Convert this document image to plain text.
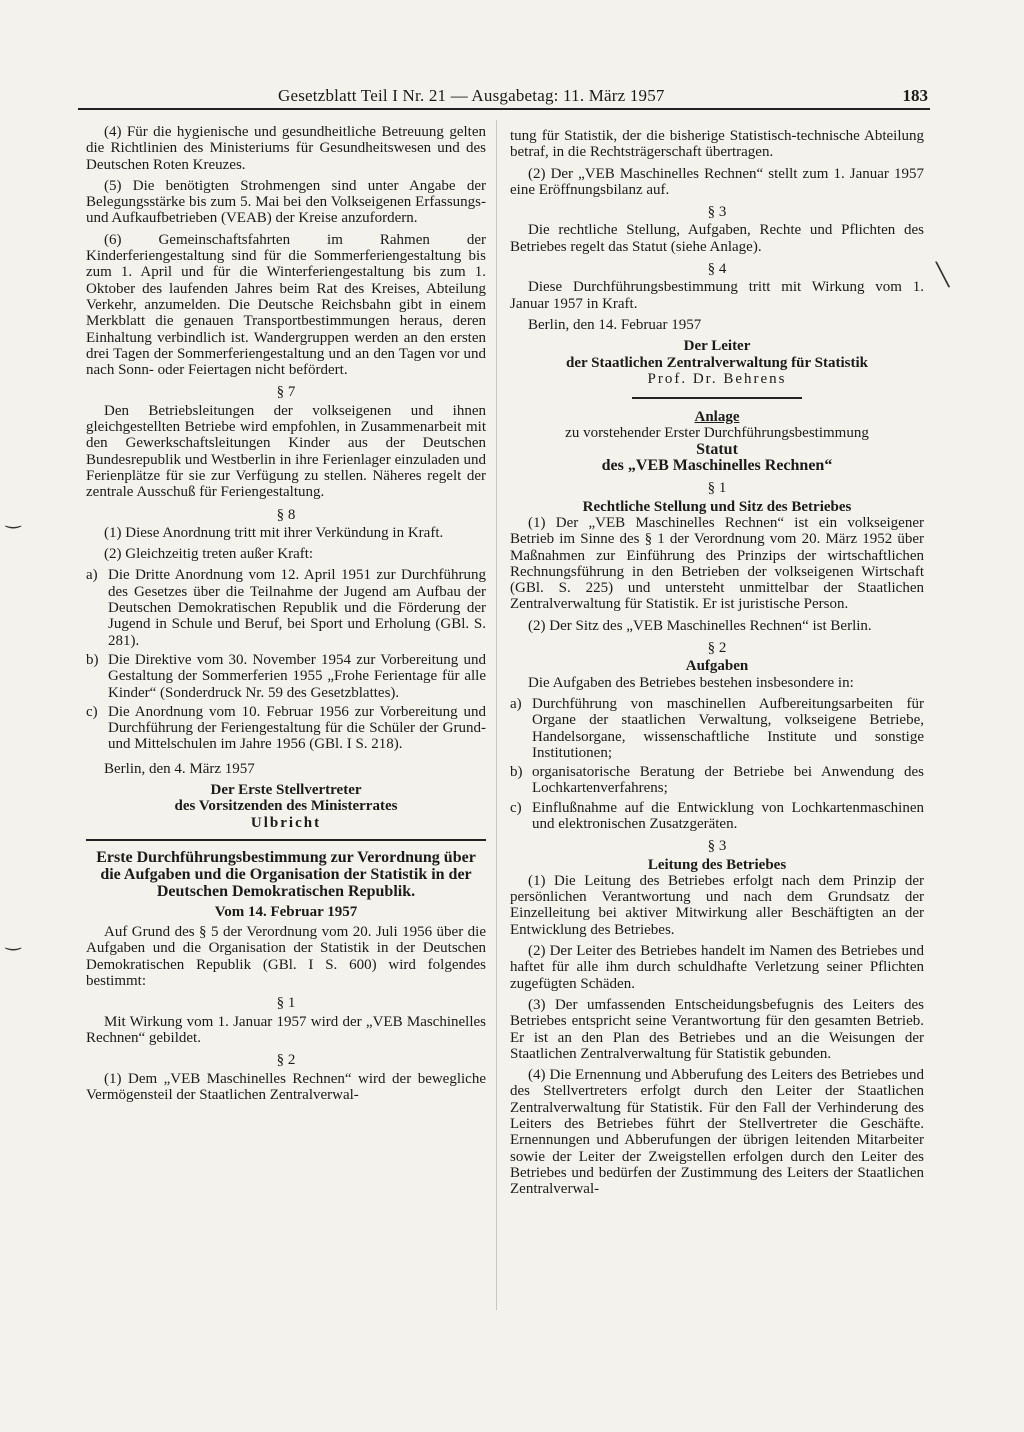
Gesetzblatt Teil I Nr. 21 — Ausgabetag: 11. März 1957	183

(4) Für die hygienische und gesundheitliche Betreuung gelten die Richtlinien des Ministeriums für Gesundheitswesen und des Deutschen Roten Kreuzes.

(5) Die benötigten Strohmengen sind unter Angabe der Belegungsstärke bis zum 5. Mai bei den Volkseigenen Erfassungs- und Aufkaufbetrieben (VEAB) der Kreise anzufordern.

(6) Gemeinschaftsfahrten im Rahmen der Kinderferiengestaltung sind für die Sommerferiengestaltung bis zum 1. April und für die Winterferiengestaltung bis zum 1. Oktober des laufenden Jahres beim Rat des Kreises, Abteilung Verkehr, anzumelden. Die Deutsche Reichsbahn gibt in einem Merkblatt die genauen Transportbestimmungen heraus, deren Einhaltung verbindlich ist. Wandergruppen werden an den ersten drei Tagen der Sommerferiengestaltung und an den Tagen vor und nach Sonn- oder Feiertagen nicht befördert.

§ 7

Den Betriebsleitungen der volkseigenen und ihnen gleichgestellten Betriebe wird empfohlen, in Zusammenarbeit mit den Gewerkschaftsleitungen Kinder aus der Deutschen Bundesrepublik und Westberlin in ihre Ferienlager einzuladen und Ferienplätze für sie zur Verfügung zu stellen. Näheres regelt der zentrale Ausschuß für Feriengestaltung.

§ 8

(1) Diese Anordnung tritt mit ihrer Verkündung in Kraft.

(2) Gleichzeitig treten außer Kraft:

a) Die Dritte Anordnung vom 12. April 1951 zur Durchführung des Gesetzes über die Teilnahme der Jugend am Aufbau der Deutschen Demokratischen Republik und die Förderung der Jugend in Schule und Beruf, bei Sport und Erholung (GBl. S. 281).
b) Die Direktive vom 30. November 1954 zur Vorbereitung und Gestaltung der Sommerferien 1955 „Frohe Ferientage für alle Kinder“ (Sonderdruck Nr. 59 des Gesetzblattes).
c) Die Anordnung vom 10. Februar 1956 zur Vorbereitung und Durchführung der Feriengestaltung für die Schüler der Grund- und Mittelschulen im Jahre 1956 (GBl. I S. 218).

Berlin, den 4. März 1957

Der Erste Stellvertreter
des Vorsitzenden des Ministerrates
Ulbricht
Erste Durchführungsbestimmung zur Verordnung über die Aufgaben und die Organisation der Statistik in der Deutschen Demokratischen Republik.
Vom 14. Februar 1957

Auf Grund des § 5 der Verordnung vom 20. Juli 1956 über die Aufgaben und die Organisation der Statistik in der Deutschen Demokratischen Republik (GBl. I S. 600) wird folgendes bestimmt:

§ 1

Mit Wirkung vom 1. Januar 1957 wird der „VEB Maschinelles Rechnen“ gebildet.

§ 2

(1) Dem „VEB Maschinelles Rechnen“ wird der bewegliche Vermögensteil der Staatlichen Zentralverwal-

tung für Statistik, der die bisherige Statistisch-technische Abteilung betraf, in die Rechtsträgerschaft übertragen.

(2) Der „VEB Maschinelles Rechnen“ stellt zum 1. Januar 1957 eine Eröffnungsbilanz auf.

§ 3

Die rechtliche Stellung, Aufgaben, Rechte und Pflichten des Betriebes regelt das Statut (siehe Anlage).

§ 4

Diese Durchführungsbestimmung tritt mit Wirkung vom 1. Januar 1957 in Kraft.

Berlin, den 14. Februar 1957

Der Leiter
der Staatlichen Zentralverwaltung für Statistik
Prof. Dr. Behrens
Anlage
zu vorstehender Erster Durchführungsbestimmung
Statut
des „VEB Maschinelles Rechnen“
§ 1
Rechtliche Stellung und Sitz des Betriebes

(1) Der „VEB Maschinelles Rechnen“ ist ein volkseigener Betrieb im Sinne des § 1 der Verordnung vom 20. März 1952 über Maßnahmen zur Einführung des Prinzips der wirtschaftlichen Rechnungsführung in den Betrieben der volkseigenen Wirtschaft (GBl. S. 225) und untersteht unmittelbar der Staatlichen Zentralverwaltung für Statistik. Er ist juristische Person.

(2) Der Sitz des „VEB Maschinelles Rechnen“ ist Berlin.

§ 2
Aufgaben

Die Aufgaben des Betriebes bestehen insbesondere in:

a) Durchführung von maschinellen Aufbereitungsarbeiten für Organe der staatlichen Verwaltung, volkseigene Betriebe, Handelsorgane, wissenschaftliche Institute und sonstige Institutionen;
b) organisatorische Beratung der Betriebe bei Anwendung des Lochkartenverfahrens;
c) Einflußnahme auf die Entwicklung von Lochkartenmaschinen und elektronischen Zusatzgeräten.
§ 3
Leitung des Betriebes

(1) Die Leitung des Betriebes erfolgt nach dem Prinzip der persönlichen Verantwortung und nach dem Grundsatz der Einzelleitung bei aktiver Mitwirkung aller Beschäftigten an der Entwicklung des Betriebes.

(2) Der Leiter des Betriebes handelt im Namen des Betriebes und haftet für alle ihm durch schuldhafte Verletzung seiner Pflichten zugefügten Schäden.

(3) Der umfassenden Entscheidungsbefugnis des Leiters des Betriebes entspricht seine Verantwortung für den gesamten Betrieb. Er ist an den Plan des Betriebes und an die Weisungen der Staatlichen Zentralverwaltung für Statistik gebunden.

(4) Die Ernennung und Abberufung des Leiters des Betriebes und des Stellvertreters erfolgt durch den Leiter der Staatlichen Zentralverwaltung für Statistik. Für den Fall der Verhinderung des Leiters des Betriebes führt der Stellvertreter die Geschäfte. Ernennungen und Abberufungen der übrigen leitenden Mitarbeiter sowie der Leiter der Zweigstellen erfolgen durch den Leiter des Betriebes und bedürfen der Zustimmung des Leiters der Staatlichen Zentralverwal-

‿
‿
╲
